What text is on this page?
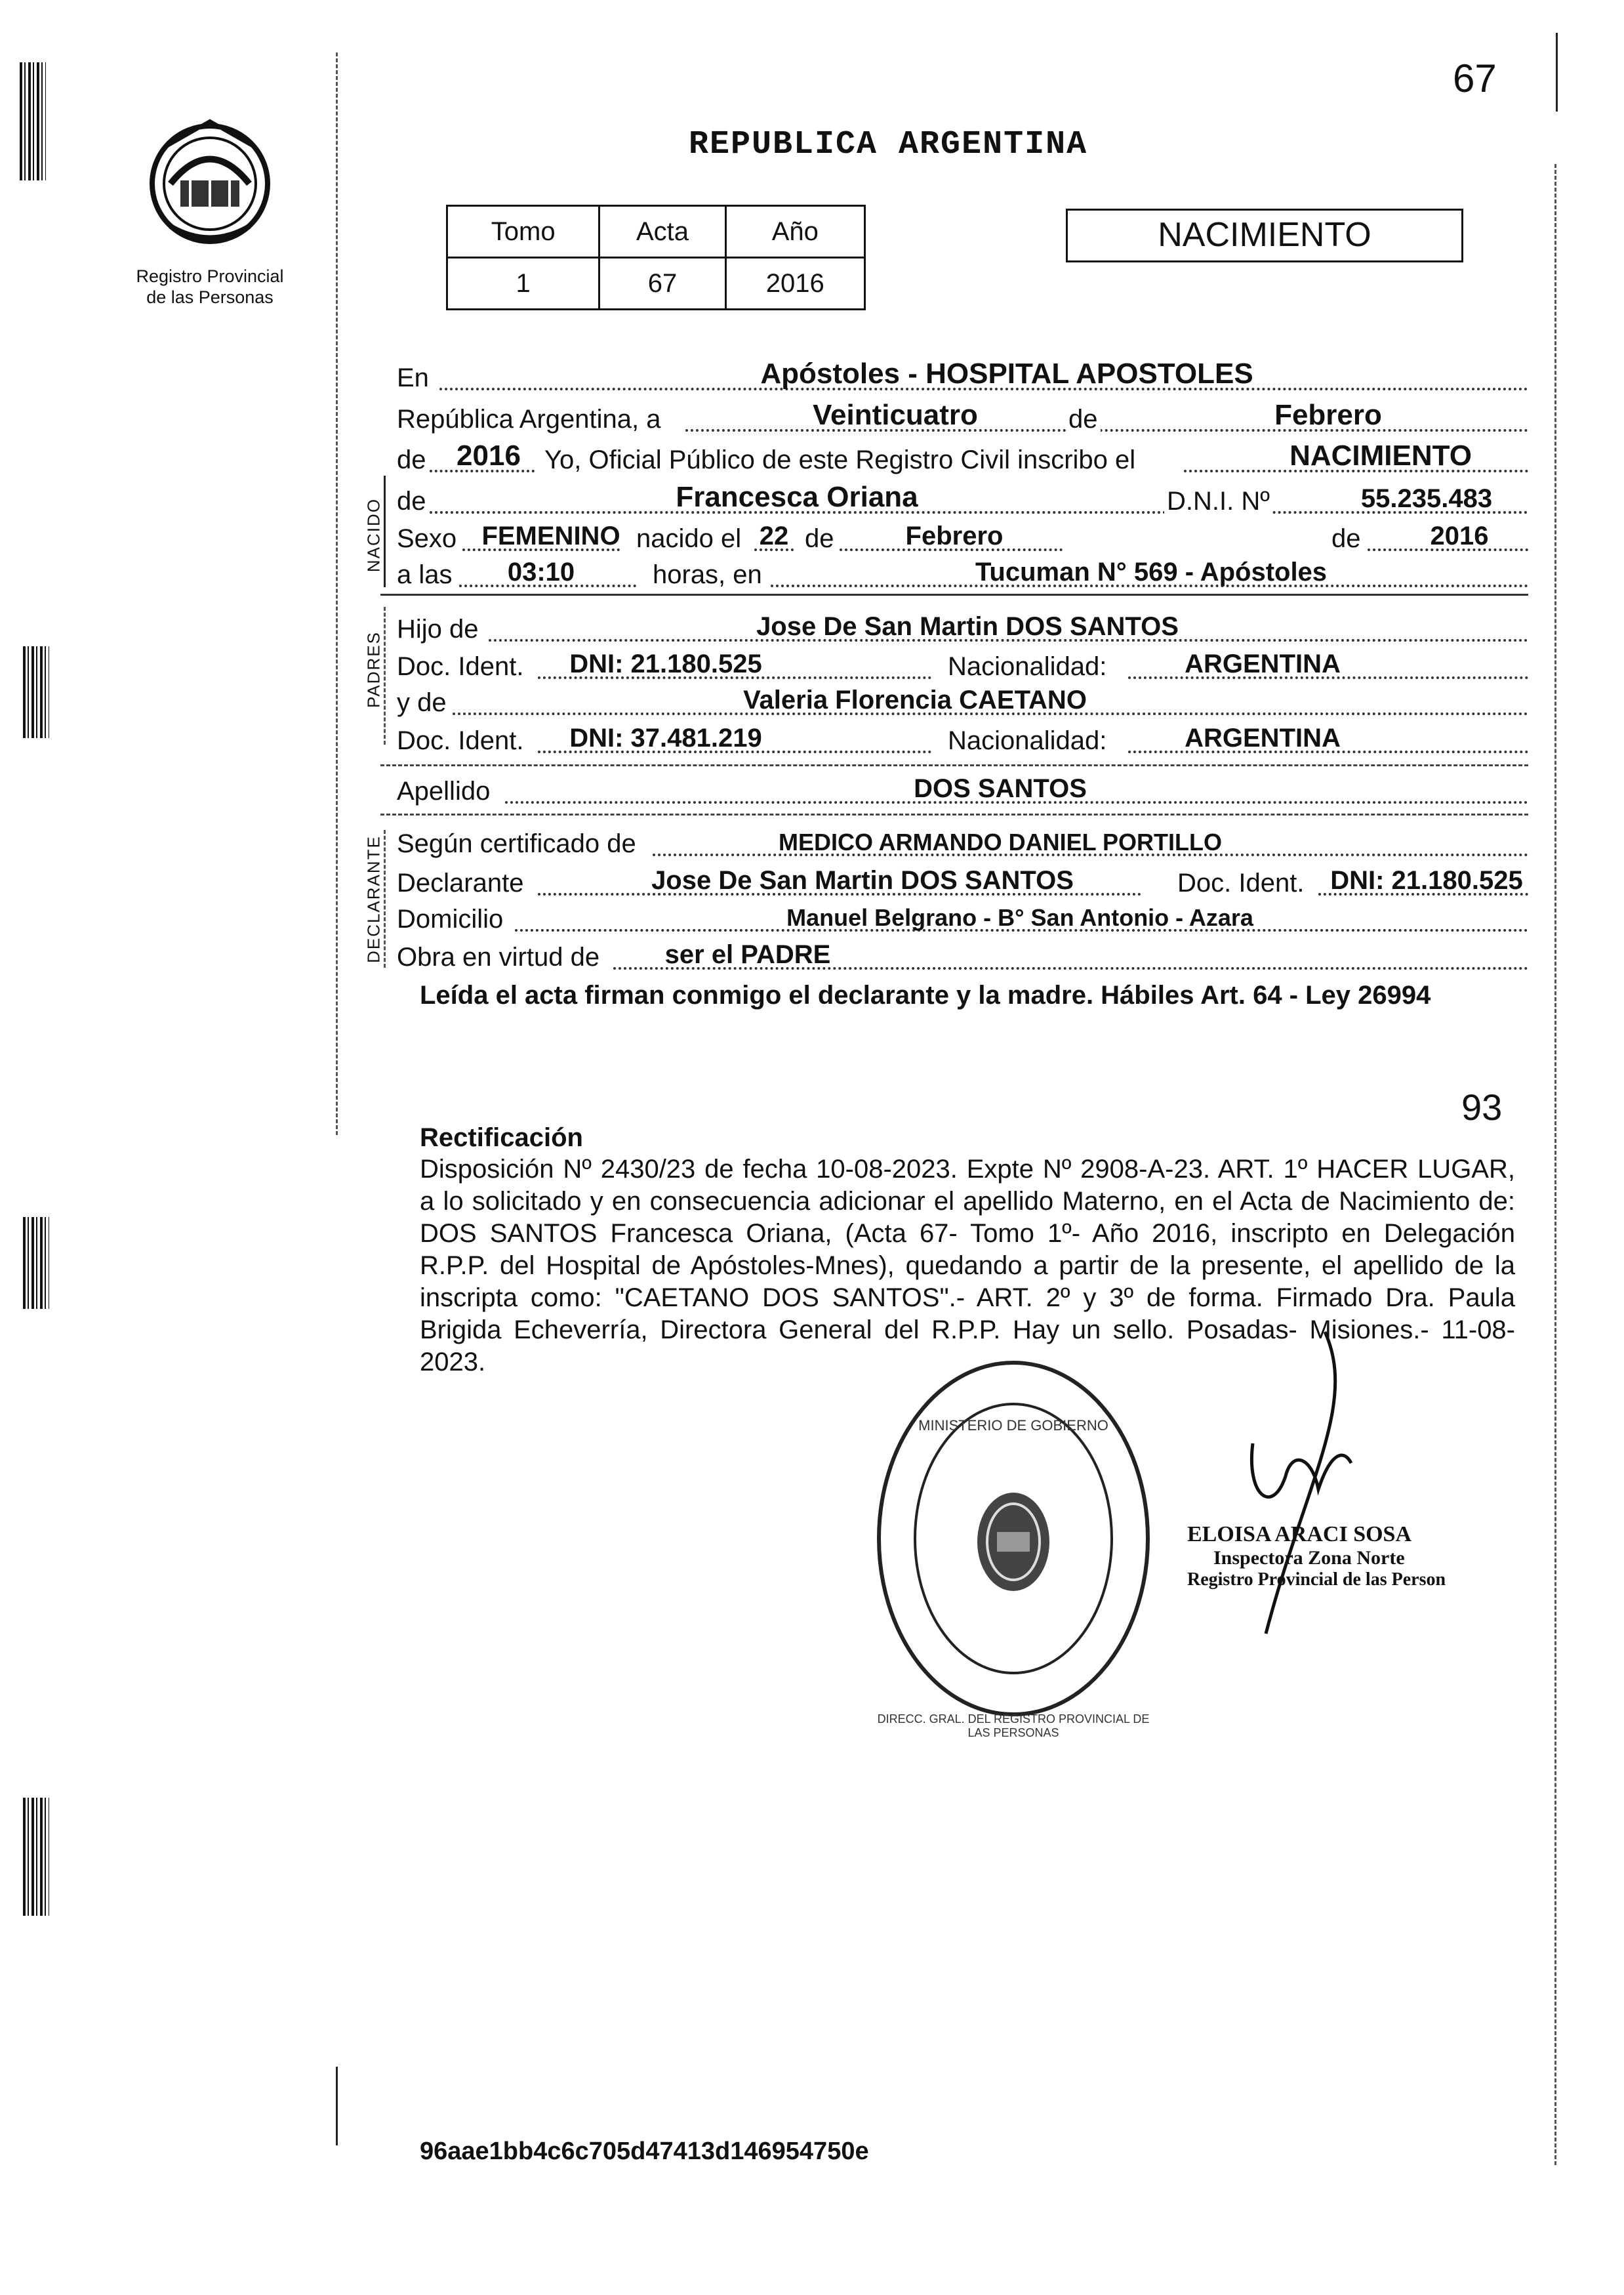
67
Registro Provincial
de las Personas
REPUBLICA ARGENTINA
Tomo	Acta	Año
1	67	2016
NACIMIENTO
En	Apóstoles - HOSPITAL APOSTOLES
República Argentina, a	Veinticuatro	de	Febrero
de 2016 Yo, Oficial Público de este Registro Civil inscribo el	NACIMIENTO
NACIDO de	Francesca Oriana	D.N.I. Nº	55.235.483
Sexo FEMENINO nacido el 22 de	Febrero	de	2016
a las	03:10	horas, en	Tucuman N° 569 - Apóstoles
PADRES
Hijo de	Jose De San Martin DOS SANTOS
Doc. Ident.	DNI: 21.180.525	Nacionalidad:	ARGENTINA
y de	Valeria Florencia CAETANO
Doc. Ident.	DNI: 37.481.219	Nacionalidad:	ARGENTINA
Apellido	DOS SANTOS
DECLARANTE Según certificado de	MEDICO ARMANDO DANIEL PORTILLO
Declarante	Jose De San Martin DOS SANTOS	Doc. Ident. DNI: 21.180.525
Domicilio	Manuel Belgrano - B° San Antonio - Azara
Obra en virtud de	ser el PADRE
Leída el acta firman conmigo el declarante y la madre. Hábiles Art. 64 - Ley 26994
93
Rectificación
Disposición Nº 2430/23 de fecha 10-08-2023. Expte Nº 2908-A-23. ART. 1º HACER LUGAR, a lo solicitado y en consecuencia adicionar el apellido Materno, en el Acta de Nacimiento de: DOS SANTOS Francesca Oriana, (Acta 67- Tomo 1º- Año 2016, inscripto en Delegación R.P.P. del Hospital de Apóstoles-Mnes), quedando a partir de la presente, el apellido de la inscripta como: "CAETANO DOS SANTOS".- ART. 2º y 3º de forma. Firmado Dra. Paula Brigida Echeverría, Directora General del R.P.P. Hay un sello. Posadas- Misiones.- 11-08-2023.
DIRECC. GRAL. DEL REGISTRO PROVINCIAL DE LAS PERSONAS
MINISTERIO DE GOBIERNO
ELOISA ARACI SOSA
Inspectora Zona Norte
Registro Provincial de las Person
96aae1bb4c6c705d47413d146954750e
